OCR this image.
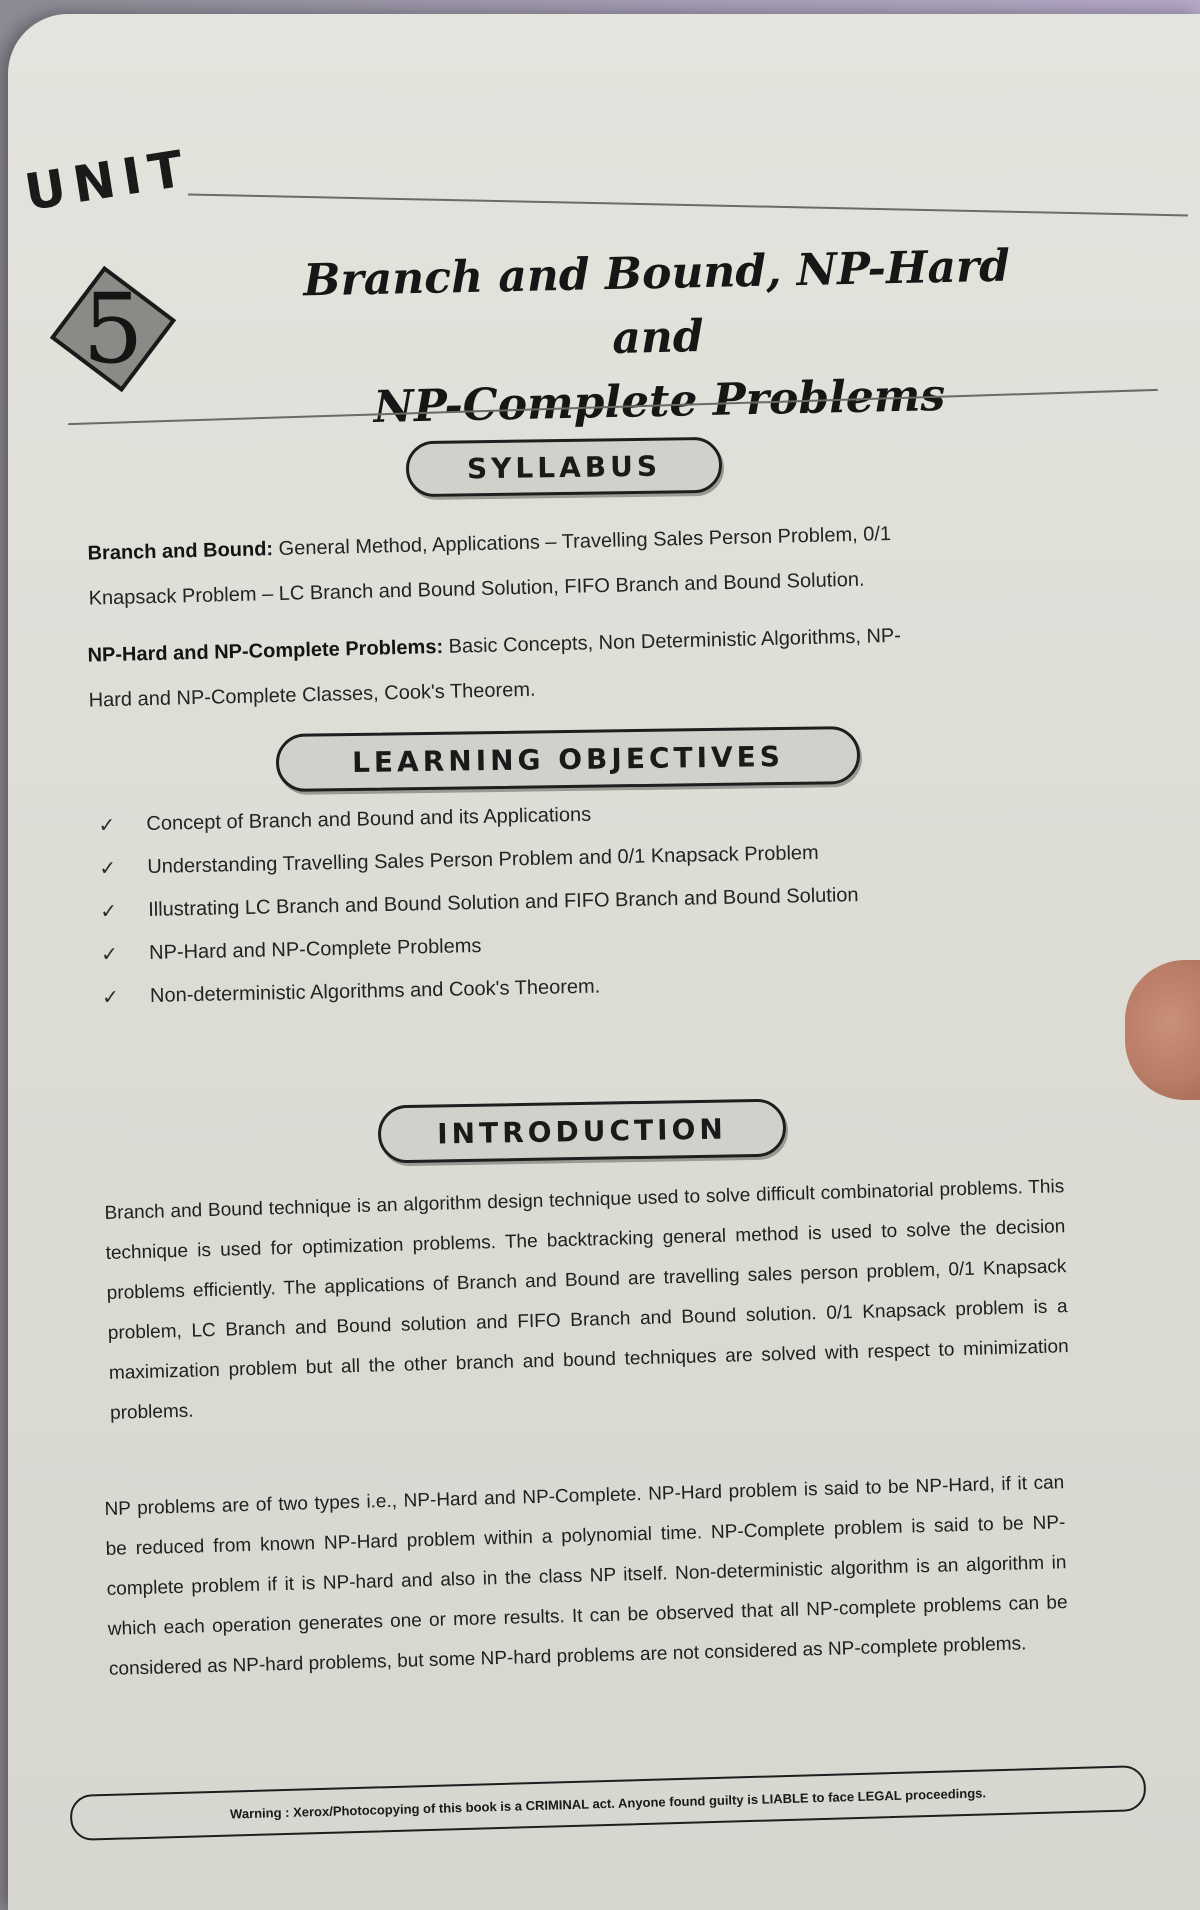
UNIT

5	Branch and Bound, NP-Hard and
NP-Complete Problems
SYLLABUS

Branch and Bound: General Method, Applications – Travelling Sales Person Problem, 0/1
Knapsack Problem – LC Branch and Bound Solution, FIFO Branch and Bound Solution.

NP-Hard and NP-Complete Problems: Basic Concepts, Non Deterministic Algorithms, NP-
Hard and NP-Complete Classes, Cook's Theorem.

LEARNING OBJECTIVES
✓	Concept of Branch and Bound and its Applications
✓	Understanding Travelling Sales Person Problem and 0/1 Knapsack Problem
✓	Illustrating LC Branch and Bound Solution and FIFO Branch and Bound Solution
✓	NP-Hard and NP-Complete Problems
✓	Non-deterministic Algorithms and Cook's Theorem.
INTRODUCTION

Branch and Bound technique is an algorithm design technique used to solve difficult combinatorial problems. This technique is used for optimization problems. The backtracking general method is used to solve the decision problems efficiently. The applications of Branch and Bound are travelling sales person problem, 0/1 Knapsack problem, LC Branch and Bound solution and FIFO Branch and Bound solution. 0/1 Knapsack problem is a maximization problem but all the other branch and bound techniques are solved with respect to minimization problems.

NP problems are of two types i.e., NP-Hard and NP-Complete. NP-Hard problem is said to be NP-Hard, if it can be reduced from known NP-Hard problem within a polynomial time. NP-Complete problem is said to be NP-complete problem if it is NP-hard and also in the class NP itself. Non-deterministic algorithm is an algorithm in which each operation generates one or more results. It can be observed that all NP-complete problems can be considered as NP-hard problems, but some NP-hard problems are not considered as NP-complete problems.

Warning : Xerox/Photocopying of this book is a CRIMINAL act. Anyone found guilty is LIABLE to face LEGAL proceedings.
